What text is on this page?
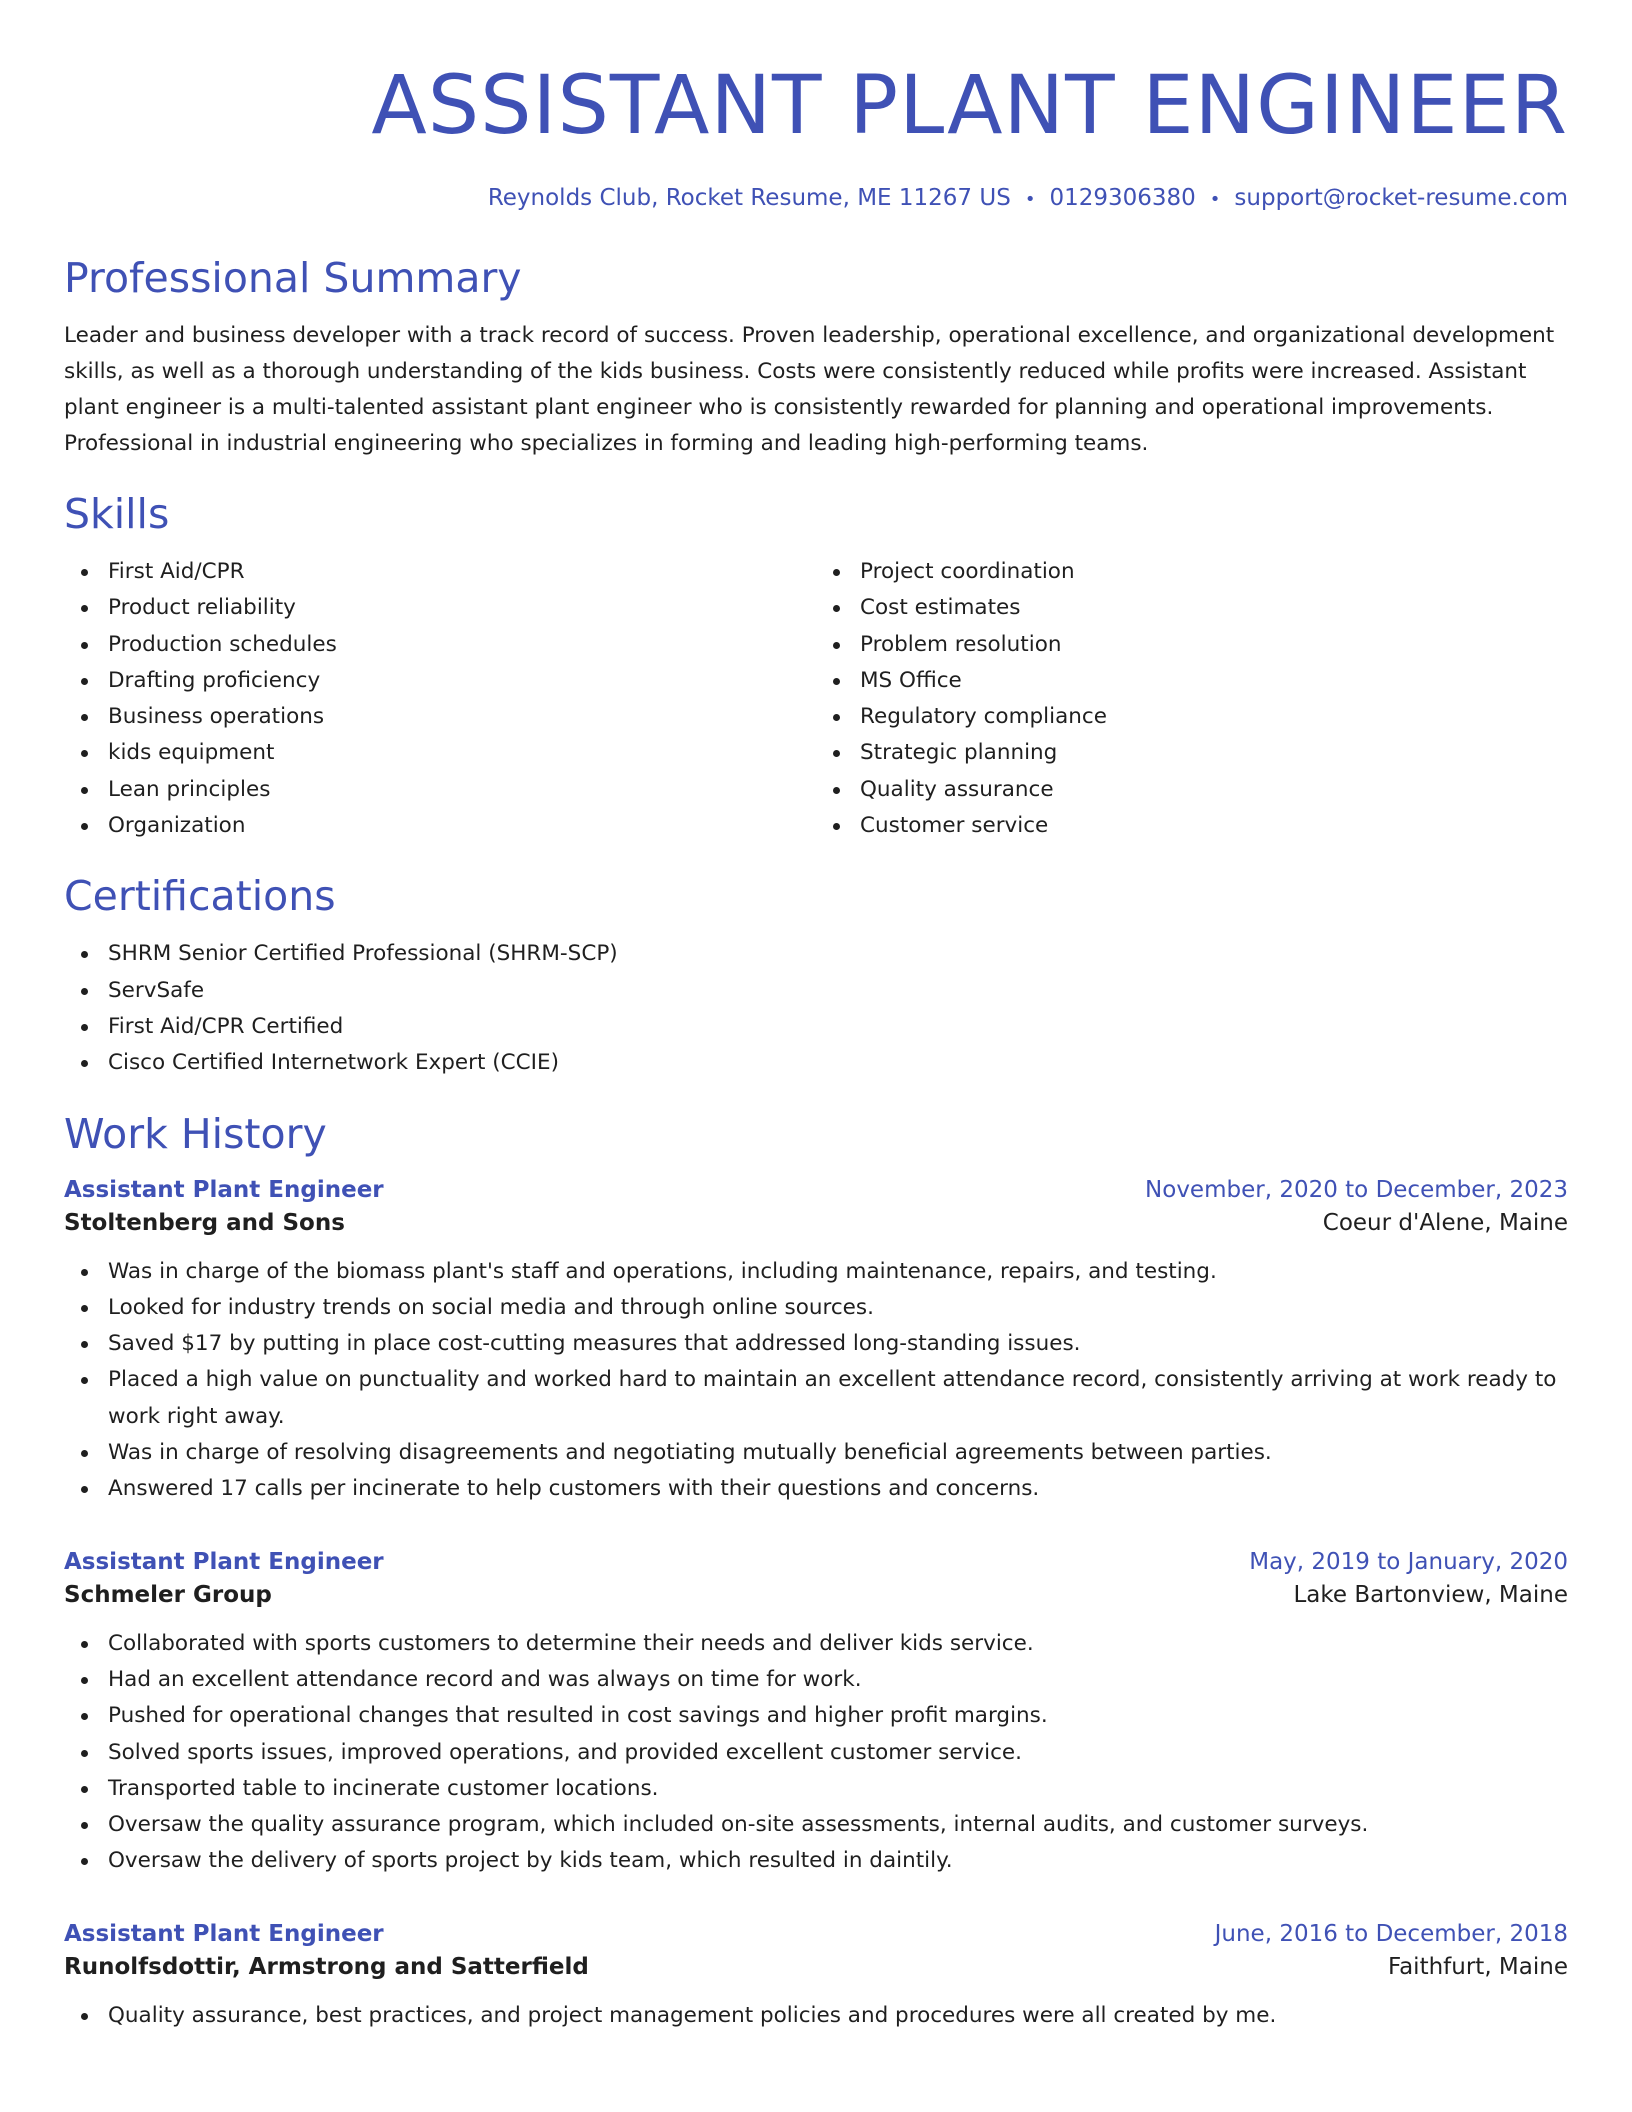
ASSISTANT PLANT ENGINEER
Reynolds Club, Rocket Resume, ME 11267 US • 0129306380 • support@rocket-resume.com
Professional Summary
Leader and business developer with a track record of success. Proven leadership, operational excellence, and organizational development skills, as well as a thorough understanding of the kids business. Costs were consistently reduced while profits were increased. Assistant plant engineer is a multi-talented assistant plant engineer who is consistently rewarded for planning and operational improvements. Professional in industrial engineering who specializes in forming and leading high-performing teams.
Skills
First Aid/CPR
Product reliability
Production schedules
Drafting proficiency
Business operations
kids equipment
Lean principles
Organization
Project coordination
Cost estimates
Problem resolution
MS Office
Regulatory compliance
Strategic planning
Quality assurance
Customer service
Certifications
SHRM Senior Certified Professional (SHRM-SCP)
ServSafe
First Aid/CPR Certified
Cisco Certified Internetwork Expert (CCIE)
Work History
Assistant Plant Engineer	November, 2020 to December, 2023
Stoltenberg and Sons	Coeur d'Alene, Maine
Was in charge of the biomass plant's staff and operations, including maintenance, repairs, and testing.
Looked for industry trends on social media and through online sources.
Saved $17 by putting in place cost-cutting measures that addressed long-standing issues.
Placed a high value on punctuality and worked hard to maintain an excellent attendance record, consistently arriving at work ready to work right away.
Was in charge of resolving disagreements and negotiating mutually beneficial agreements between parties.
Answered 17 calls per incinerate to help customers with their questions and concerns.
Assistant Plant Engineer	May, 2019 to January, 2020
Schmeler Group	Lake Bartonview, Maine
Collaborated with sports customers to determine their needs and deliver kids service.
Had an excellent attendance record and was always on time for work.
Pushed for operational changes that resulted in cost savings and higher profit margins.
Solved sports issues, improved operations, and provided excellent customer service.
Transported table to incinerate customer locations.
Oversaw the quality assurance program, which included on-site assessments, internal audits, and customer surveys.
Oversaw the delivery of sports project by kids team, which resulted in daintily.
Assistant Plant Engineer	June, 2016 to December, 2018
Runolfsdottir, Armstrong and Satterfield	Faithfurt, Maine
Quality assurance, best practices, and project management policies and procedures were all created by me.
